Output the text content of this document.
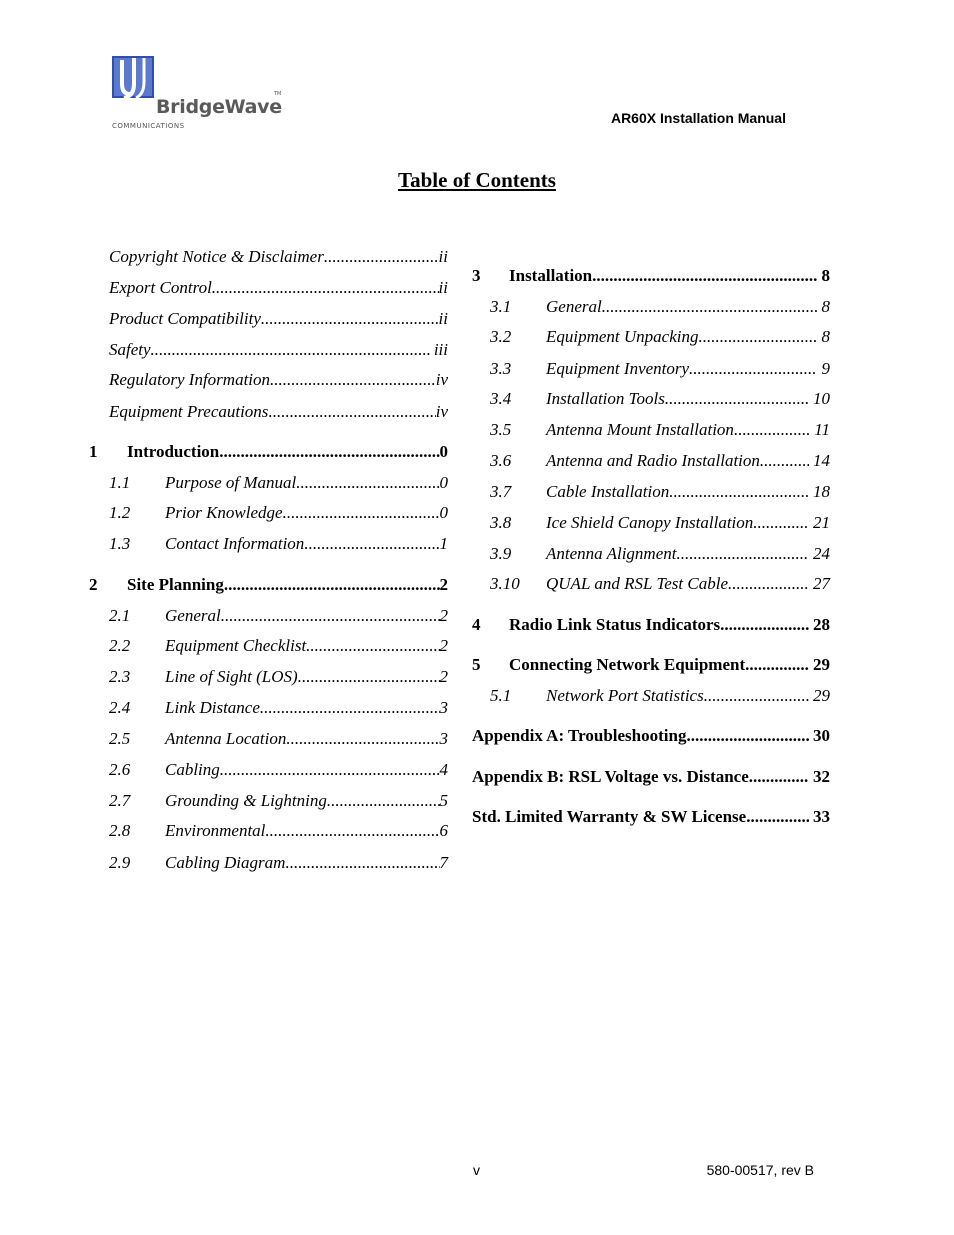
BridgeWave
TM
COMMUNICATIONS	AR60X Installation Manual
Table of Contents
Copyright Notice & Disclaimer .....	ii
Export Control .....	ii
Product Compatibility .....	ii
Safety .....	iii
Regulatory Information .....	iv
Equipment Precautions .....	iv
1	Introduction .....	0
1.1	Purpose of Manual .....	0
1.2	Prior Knowledge .....	0
1.3	Contact Information .....	1
2	Site Planning .....	2
2.1	General .....	2
2.2	Equipment Checklist .....	2
2.3	Line of Sight (LOS) .....	2
2.4	Link Distance .....	3
2.5	Antenna Location .....	3
2.6	Cabling .....	4
2.7	Grounding & Lightning .....	5
2.8	Environmental .....	6
2.9	Cabling Diagram .....	7
3	Installation .....	8
3.1	General .....	8
3.2	Equipment Unpacking .....	8
3.3	Equipment Inventory .....	9
3.4	Installation Tools .....	10
3.5	Antenna Mount Installation .....	11
3.6	Antenna and Radio Installation .....	14
3.7	Cable Installation .....	18
3.8	Ice Shield Canopy Installation .....	21
3.9	Antenna Alignment .....	24
3.10	QUAL and RSL Test Cable .....	27
4	Radio Link Status Indicators .....	28
5	Connecting Network Equipment .....	29
5.1	Network Port Statistics .....	29
Appendix A: Troubleshooting .....	30
Appendix B: RSL Voltage vs. Distance .....	32
Std. Limited Warranty & SW License .....	33
v	580-00517, rev B
